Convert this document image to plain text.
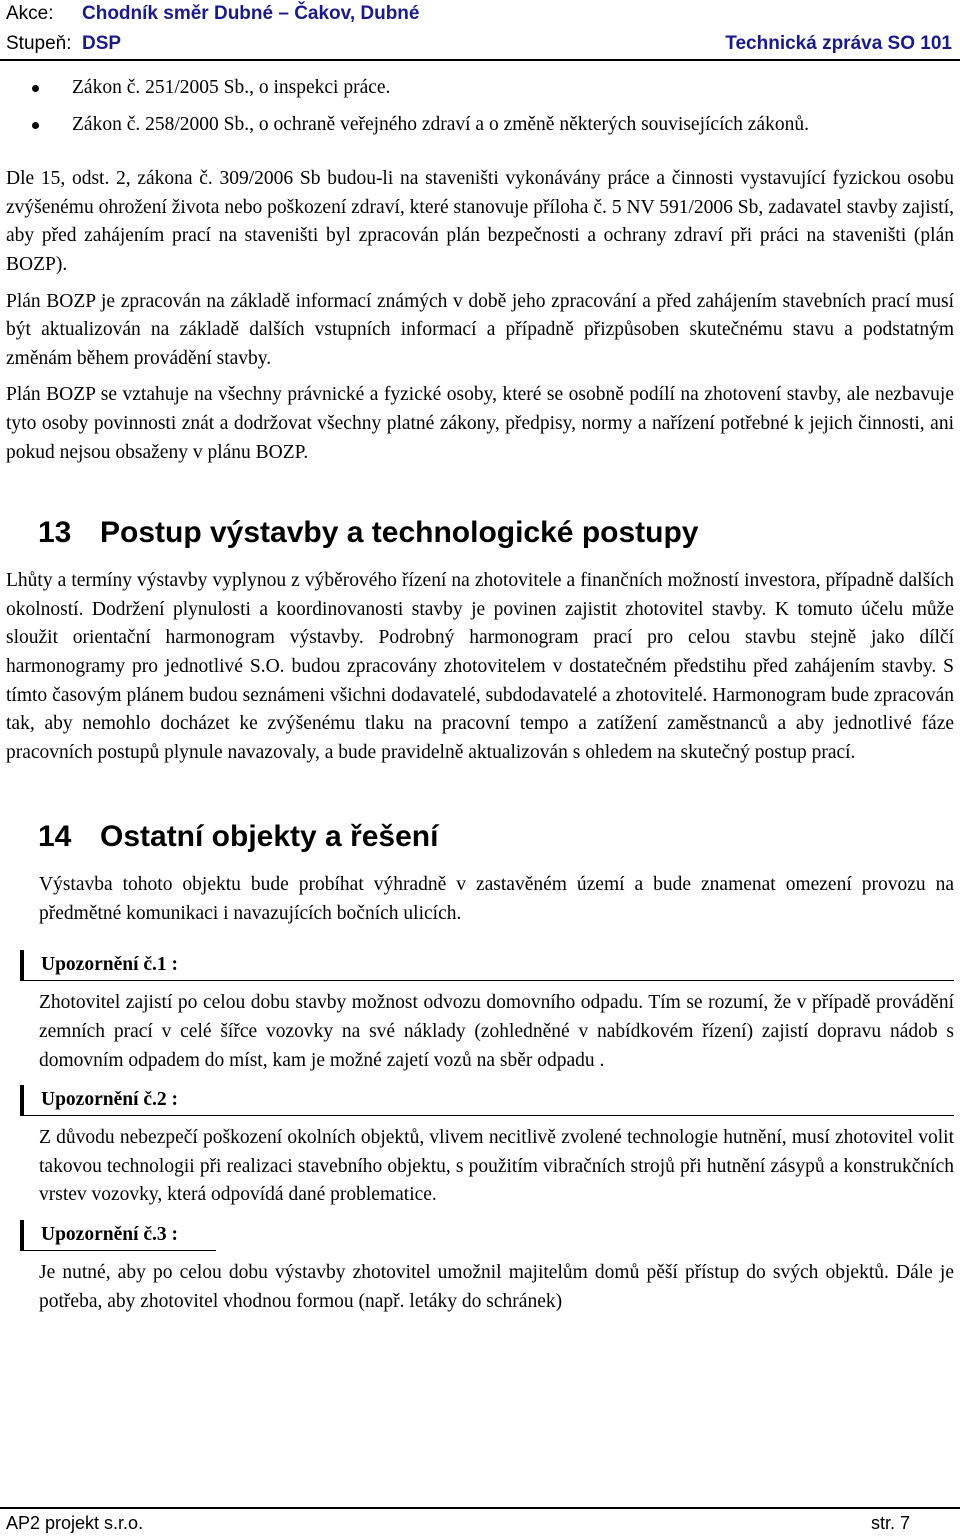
Akce: Chodník směr Dubné – Čakov, Dubné
Stupeň: DSP	Technická zpráva SO 101
Zákon č. 251/2005 Sb., o inspekci práce.
Zákon č. 258/2000 Sb., o ochraně veřejného zdraví a o změně některých souvisejících zákonů.

Dle 15, odst. 2, zákona č. 309/2006 Sb budou-li na staveništi vykonávány práce a činnosti vystavující fyzickou osobu zvýšenému ohrožení života nebo poškození zdraví, které stanovuje příloha č. 5 NV 591/2006 Sb, zadavatel stavby zajistí, aby před zahájením prací na staveništi byl zpracován plán bezpečnosti a ochrany zdraví při práci na staveništi (plán BOZP).

Plán BOZP je zpracován na základě informací známých v době jeho zpracování a před zahájením stavebních prací musí být aktualizován na základě dalších vstupních informací a případně přizpůsoben skutečnému stavu a podstatným změnám během provádění stavby.

Plán BOZP se vztahuje na všechny právnické a fyzické osoby, které se osobně podílí na zhotovení stavby, ale nezbavuje tyto osoby povinnosti znát a dodržovat všechny platné zákony, předpisy, normy a nařízení potřebné k jejich činnosti, ani pokud nejsou obsaženy v plánu BOZP.

13 Postup výstavby a technologické postupy

Lhůty a termíny výstavby vyplynou z výběrového řízení na zhotovitele a finančních možností investora, případně dalších okolností. Dodržení plynulosti a koordinovanosti stavby je povinen zajistit zhotovitel stavby. K tomuto účelu může sloužit orientační harmonogram výstavby. Podrobný harmonogram prací pro celou stavbu stejně jako dílčí harmonogramy pro jednotlivé S.O. budou zpracovány zhotovitelem v dostatečném předstihu před zahájením stavby. S tímto časovým plánem budou seznámeni všichni dodavatelé, subdodavatelé a zhotovitelé. Harmonogram bude zpracován tak, aby nemohlo docházet ke zvýšenému tlaku na pracovní tempo a zatížení zaměstnanců a aby jednotlivé fáze pracovních postupů plynule navazovaly, a bude pravidelně aktualizován s ohledem na skutečný postup prací.

14 Ostatní objekty a řešení

Výstavba tohoto objektu bude probíhat výhradně v zastavěném území a bude znamenat omezení provozu na předmětné komunikaci i navazujících bočních ulicích.

Upozornění č.1 :

Zhotovitel zajistí po celou dobu stavby možnost odvozu domovního odpadu. Tím se rozumí, že v případě provádění zemních prací v celé šířce vozovky na své náklady (zohledněné v nabídkovém řízení) zajistí dopravu nádob s domovním odpadem do míst, kam je možné zajetí vozů na sběr odpadu .

Upozornění č.2 :

Z důvodu nebezpečí poškození okolních objektů, vlivem necitlivě zvolené technologie hutnění, musí zhotovitel volit takovou technologii při realizaci stavebního objektu, s použitím vibračních strojů při hutnění zásypů a konstrukčních vrstev vozovky, která odpovídá dané problematice.

Upozornění č.3 :

Je nutné, aby po celou dobu výstavby zhotovitel umožnil majitelům domů pěší přístup do svých objektů. Dále je potřeba, aby zhotovitel vhodnou formou (např. letáky do schránek)

AP2 projekt s.r.o.	str. 7
